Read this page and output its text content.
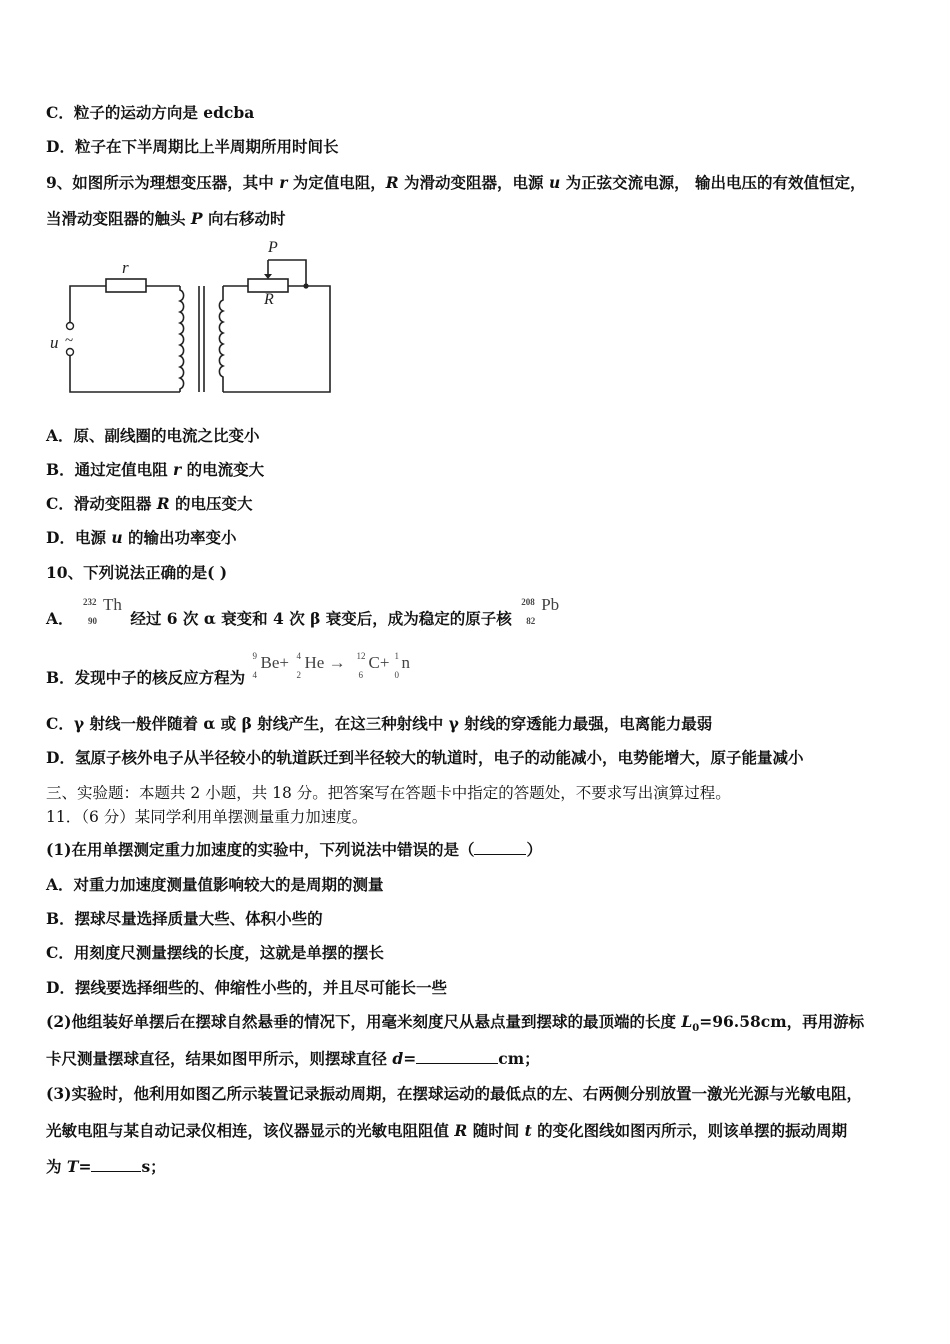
C．粒子的运动方向是 edcba
D．粒子在下半周期比上半周期所用时间长
9、如图所示为理想变压器，其中 r 为定值电阻，R 为滑动变阻器，电源 u 为正弦交流电源， 输出电压的有效值恒定，
当滑动变阻器的触头 P 向右移动时
r
u ~
P
R
A．原、副线圈的电流之比变小
B．通过定值电阻 r 的电流变大
C．滑动变阻器 R 的电压变大
D．电源 u 的输出功率变小
10、下列说法正确的是( )
A．
232
90
Th
经过 6 次 α 衰变和 4 次 β 衰变后，成为稳定的原子核
208
82
Pb
B．发现中子的核反应方程为
9
4
Be+ 4
2
He → 12
6
C+ 1
0
n
C．γ 射线一般伴随着 α 或 β 射线产生，在这三种射线中 γ 射线的穿透能力最强，电离能力最弱
D．氢原子核外电子从半径较小的轨道跃迁到半径较大的轨道时，电子的动能减小，电势能增大，原子能量减小
三、实验题：本题共 2 小题，共 18 分。把答案写在答题卡中指定的答题处，不要求写出演算过程。
11．（6 分）某同学利用单摆测量重力加速度。
(1)在用单摆测定重力加速度的实验中，下列说法中错误的是（	）
A．对重力加速度测量值影响较大的是周期的测量
B．摆球尽量选择质量大些、体积小些的
C．用刻度尺测量摆线的长度，这就是单摆的摆长
D．摆线要选择细些的、伸缩性小些的，并且尽可能长一些
(2)他组装好单摆后在摆球自然悬垂的情况下，用毫米刻度尺从悬点量到摆球的最顶端的长度 $L_0=96.58cm$，再用游标
卡尺测量摆球直径，结果如图甲所示，则摆球直径 d=	cm；
(3)实验时，他利用如图乙所示装置记录振动周期，在摆球运动的最低点的左、右两侧分别放置一激光光源与光敏电阻，
光敏电阻与某自动记录仪相连，该仪器显示的光敏电阻阻值 R 随时间 t 的变化图线如图丙所示，则该单摆的振动周期
为 T=	s；
